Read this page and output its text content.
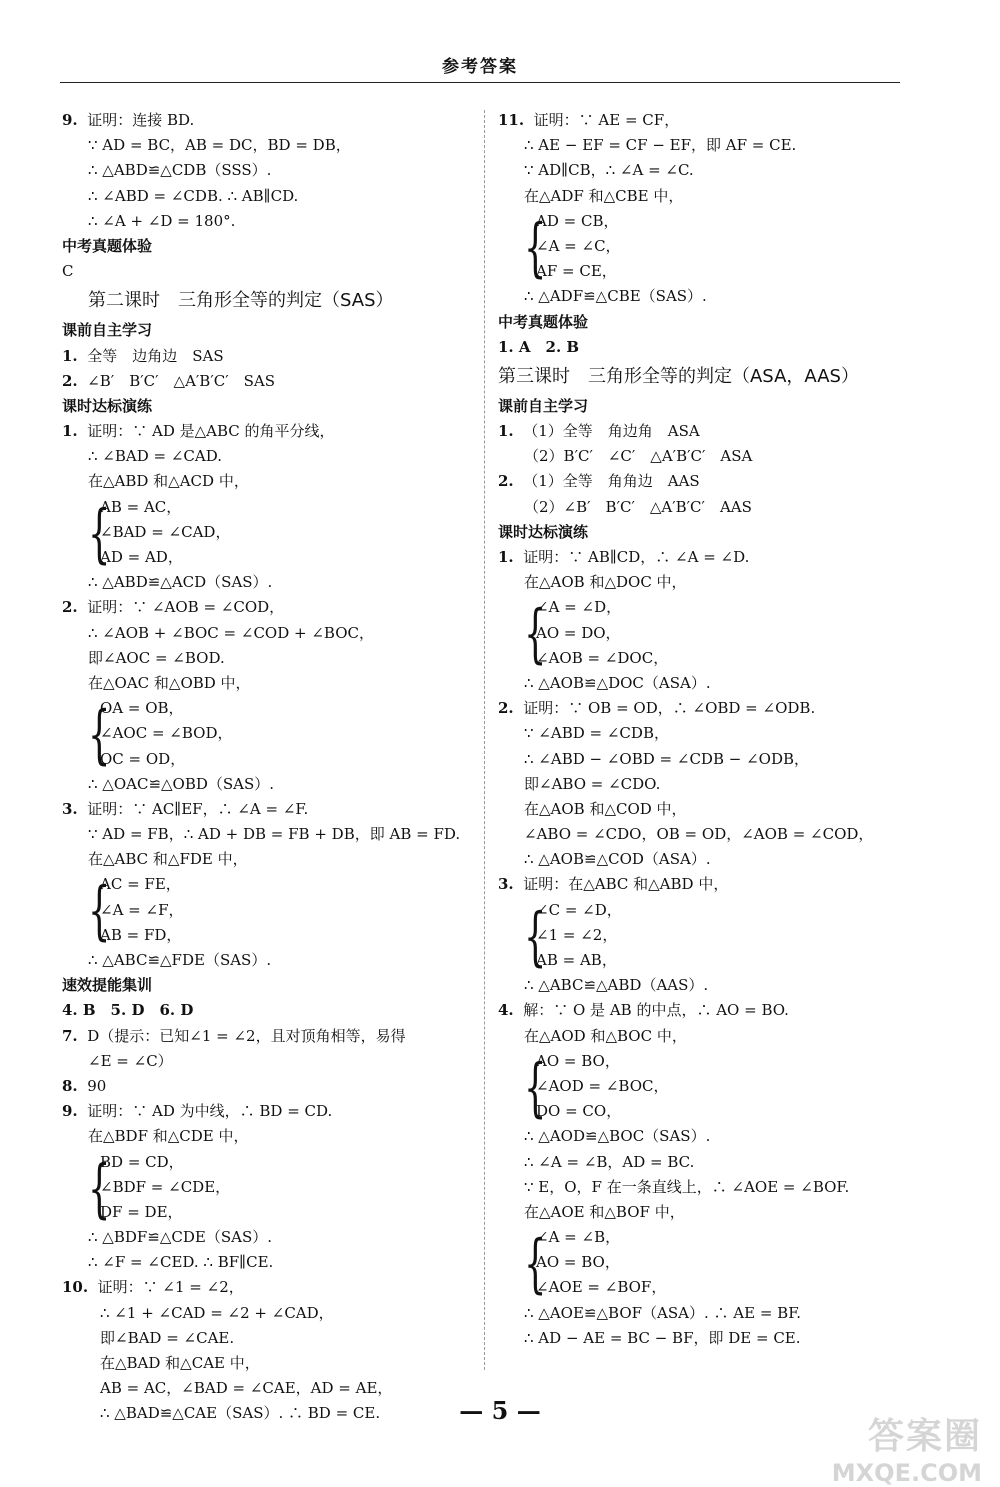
参考答案
9. 证明：连接 BD.
∵ AD = BC，AB = DC，BD = DB，
∴ △ABD≌△CDB（SSS）.
∴ ∠ABD = ∠CDB. ∴ AB∥CD.
∴ ∠A + ∠D = 180°.
中考真题体验
C
第二课时　三角形全等的判定（SAS）
课前自主学习
1. 全等　边角边　SAS
2. ∠B′　B′C′　△A′B′C′　SAS
课时达标演练
1. 证明：∵ AD 是△ABC 的角平分线，
∴ ∠BAD = ∠CAD.
在△ABD 和△ACD 中，
{
AB = AC，
∠BAD = ∠CAD，
AD = AD，
∴ △ABD≌△ACD（SAS）.
2. 证明：∵ ∠AOB = ∠COD，
∴ ∠AOB + ∠BOC = ∠COD + ∠BOC，
即∠AOC = ∠BOD.
在△OAC 和△OBD 中，
{
OA = OB，
∠AOC = ∠BOD，
OC = OD，
∴ △OAC≌△OBD（SAS）.
3. 证明：∵ AC∥EF，∴ ∠A = ∠F.
∵ AD = FB，∴ AD + DB = FB + DB，即 AB = FD.
在△ABC 和△FDE 中，
{
AC = FE，
∠A = ∠F，
AB = FD，
∴ △ABC≌△FDE（SAS）.
速效提能集训
4. B　5. D　6. D
7. D（提示：已知∠1 = ∠2，且对顶角相等，易得
∠E = ∠C）
8. 90
9. 证明：∵ AD 为中线，∴ BD = CD.
在△BDF 和△CDE 中，
{
BD = CD，
∠BDF = ∠CDE，
DF = DE，
∴ △BDF≌△CDE（SAS）.
∴ ∠F = ∠CED. ∴ BF∥CE.
10. 证明：∵ ∠1 = ∠2，
∴ ∠1 + ∠CAD = ∠2 + ∠CAD，
即∠BAD = ∠CAE.
在△BAD 和△CAE 中，
AB = AC，∠BAD = ∠CAE，AD = AE，
∴ △BAD≌△CAE（SAS）. ∴ BD = CE.
11. 证明：∵ AE = CF，
∴ AE − EF = CF − EF，即 AF = CE.
∵ AD∥CB，∴ ∠A = ∠C.
在△ADF 和△CBE 中，
{
AD = CB，
∠A = ∠C，
AF = CE，
∴ △ADF≌△CBE（SAS）.
中考真题体验
1. A　2. B
第三课时　三角形全等的判定（ASA，AAS）
课前自主学习
1. （1）全等　角边角　ASA
（2）B′C′　∠C′　△A′B′C′　ASA
2. （1）全等　角角边　AAS
（2）∠B′　B′C′　△A′B′C′　AAS
课时达标演练
1. 证明：∵ AB∥CD，∴ ∠A = ∠D.
在△AOB 和△DOC 中，
{
∠A = ∠D，
AO = DO，
∠AOB = ∠DOC，
∴ △AOB≌△DOC（ASA）.
2. 证明：∵ OB = OD，∴ ∠OBD = ∠ODB.
∵ ∠ABD = ∠CDB，
∴ ∠ABD − ∠OBD = ∠CDB − ∠ODB，
即∠ABO = ∠CDO.
在△AOB 和△COD 中，
∠ABO = ∠CDO，OB = OD，∠AOB = ∠COD，
∴ △AOB≌△COD（ASA）.
3. 证明：在△ABC 和△ABD 中，
{
∠C = ∠D，
∠1 = ∠2，
AB = AB，
∴ △ABC≌△ABD（AAS）.
4. 解：∵ O 是 AB 的中点，∴ AO = BO.
在△AOD 和△BOC 中，
{
AO = BO，
∠AOD = ∠BOC，
DO = CO，
∴ △AOD≌△BOC（SAS）.
∴ ∠A = ∠B，AD = BC.
∵ E，O，F 在一条直线上，∴ ∠AOE = ∠BOF.
在△AOE 和△BOF 中，
{
∠A = ∠B，
AO = BO，
∠AOE = ∠BOF，
∴ △AOE≌△BOF（ASA）. ∴ AE = BF.
∴ AD − AE = BC − BF，即 DE = CE.
— 5 —
答案圈
MXQE.COM
